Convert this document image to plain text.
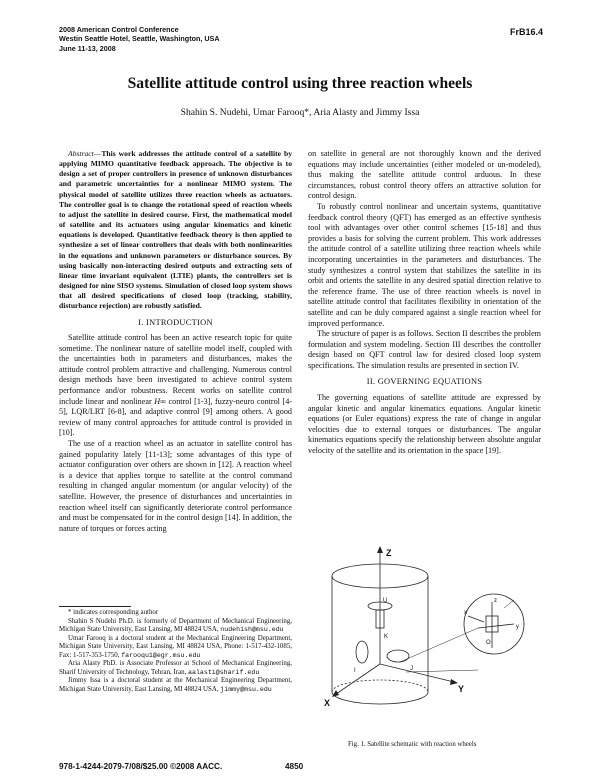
2008 American Control Conference
Westin Seattle Hotel, Seattle, Washington, USA
June 11-13, 2008
FrB16.4
Satellite attitude control using three reaction wheels
Shahin S. Nudehi, Umar Farooq*, Aria Alasty and Jimmy Issa

Abstract—This work addresses the attitude control of a satellite by applying MIMO quantitative feedback approach. The objective is to design a set of proper controllers in presence of unknown disturbances and parametric uncertainties for a nonlinear MIMO system. The physical model of satellite utilizes three reaction wheels as actuators. The controller goal is to change the rotational speed of reaction wheels to adjust the satellite in desired course. First, the mathematical model of satellite and its actuators using angular kinematics and kinetic equations is developed. Quantitative feedback theory is then applied to synthesize a set of linear controllers that deals with both nonlinearities in the equations and unknown parameters or disturbance sources. By using basically non-interacting desired outputs and extracting sets of linear time invariant equivalent (LTIE) plants, the controllers set is designed for nine SISO systems. Simulation of closed loop system shows that all desired specifications of closed loop (tracking, stability, disturbance rejection) are robustly satisfied.

I. INTRODUCTION

Satellite attitude control has been an active research topic for quite sometime. The nonlinear nature of satellite model itself, coupled with the uncertainties both in parameters and disturbances, makes the attitude control problem attractive and challenging. Numerous control design methods have been investigated to achieve control system performance and/or robustness. Recent works on satellite control include linear and nonlinear H∞ control [1-3], fuzzy-neuro control [4-5], LQR/LRT [6-8], and adaptive control [9] among others. A good review of many control approaches for attitude control is provided in [10].

The use of a reaction wheel as an actuator in satellite control has gained popularity lately [11-13]; some advantages of this type of actuator configuration over others are shown in [12]. A reaction wheel is a device that applies torque to satellite at the control command resulting in changed angular momentum (or angular velocity) of the satellite. However, the presence of disturbances and uncertainties in reaction wheel itself can significantly deteriorate control performance and must be compensated for in the control design [14]. In addition, the nature of torques or forces acting

* indicates corresponding author

Shahin S Nudehi Ph.D. is formerly of Department of Mechanical Engineering, Michigan State University, East Lansing, MI 48824 USA, nudehish@msu.edu

Umar Farooq is a doctoral student at the Mechanical Engineering Department, Michigan State University, East Lansing, MI 48824 USA, Phone: 1-517-432-1085, Fax: 1-517-353-1750, farooqu1@egr.msu.edu

Aria Alasty PhD. is Associate Professor at School of Mechanical Engineering, Sharif University of Technology, Tehran, Iran, aalasti@sharif.edu

Jimmy Issa is a doctoral student at the Mechanical Engineering Department, Michigan State University, East Lansing, MI 48824 USA, jimmy@msu.edu

on satellite in general are not thoroughly known and the derived equations may include uncertainties (either modeled or un-modeled), thus making the satellite attitude control arduous. In these circumstances, robust control theory offers an attractive solution for control design.

To robustly control nonlinear and uncertain systems, quantitative feedback control theory (QFT) has emerged as an effective synthesis tool with advantages over other control schemes [15-18] and thus provides a basis for solving the current problem. This work addresses the attitude control of a satellite utilizing three reaction wheels while incorporating uncertainties in the parameters and disturbances. The study synthesizes a control system that stabilizes the satellite in its orbit and orients the satellite in any desired spatial direction relative to the reference frame. The use of three reaction wheels is novel in satellite attitude control that facilitates flexibility in orientation of the satellite and can be duly compared against a single reaction wheel for improved performance.

The structure of paper is as follows. Section II describes the problem formulation and system modeling. Section III describes the controller design based on QFT control law for desired closed loop system specifications. The simulation results are presented in section IV.

II. GOVERNING EQUATIONS

The governing equations of satellite attitude are expressed by angular kinetic and angular kinematics equations. Angular kinetic equations (or Euler equations) express the rate of change in angular velocities due to external torques or disturbances. The angular kinematics equations specify the relationship between absolute angular velocity of the satellite and its orientation in the space [19].

Z
X
Y
U
I	J
K
x
y
z
O
Fig. 1. Satellite schematic with reaction wheels
978-1-4244-2079-7/08/$25.00 ©2008 AACC.	4850
